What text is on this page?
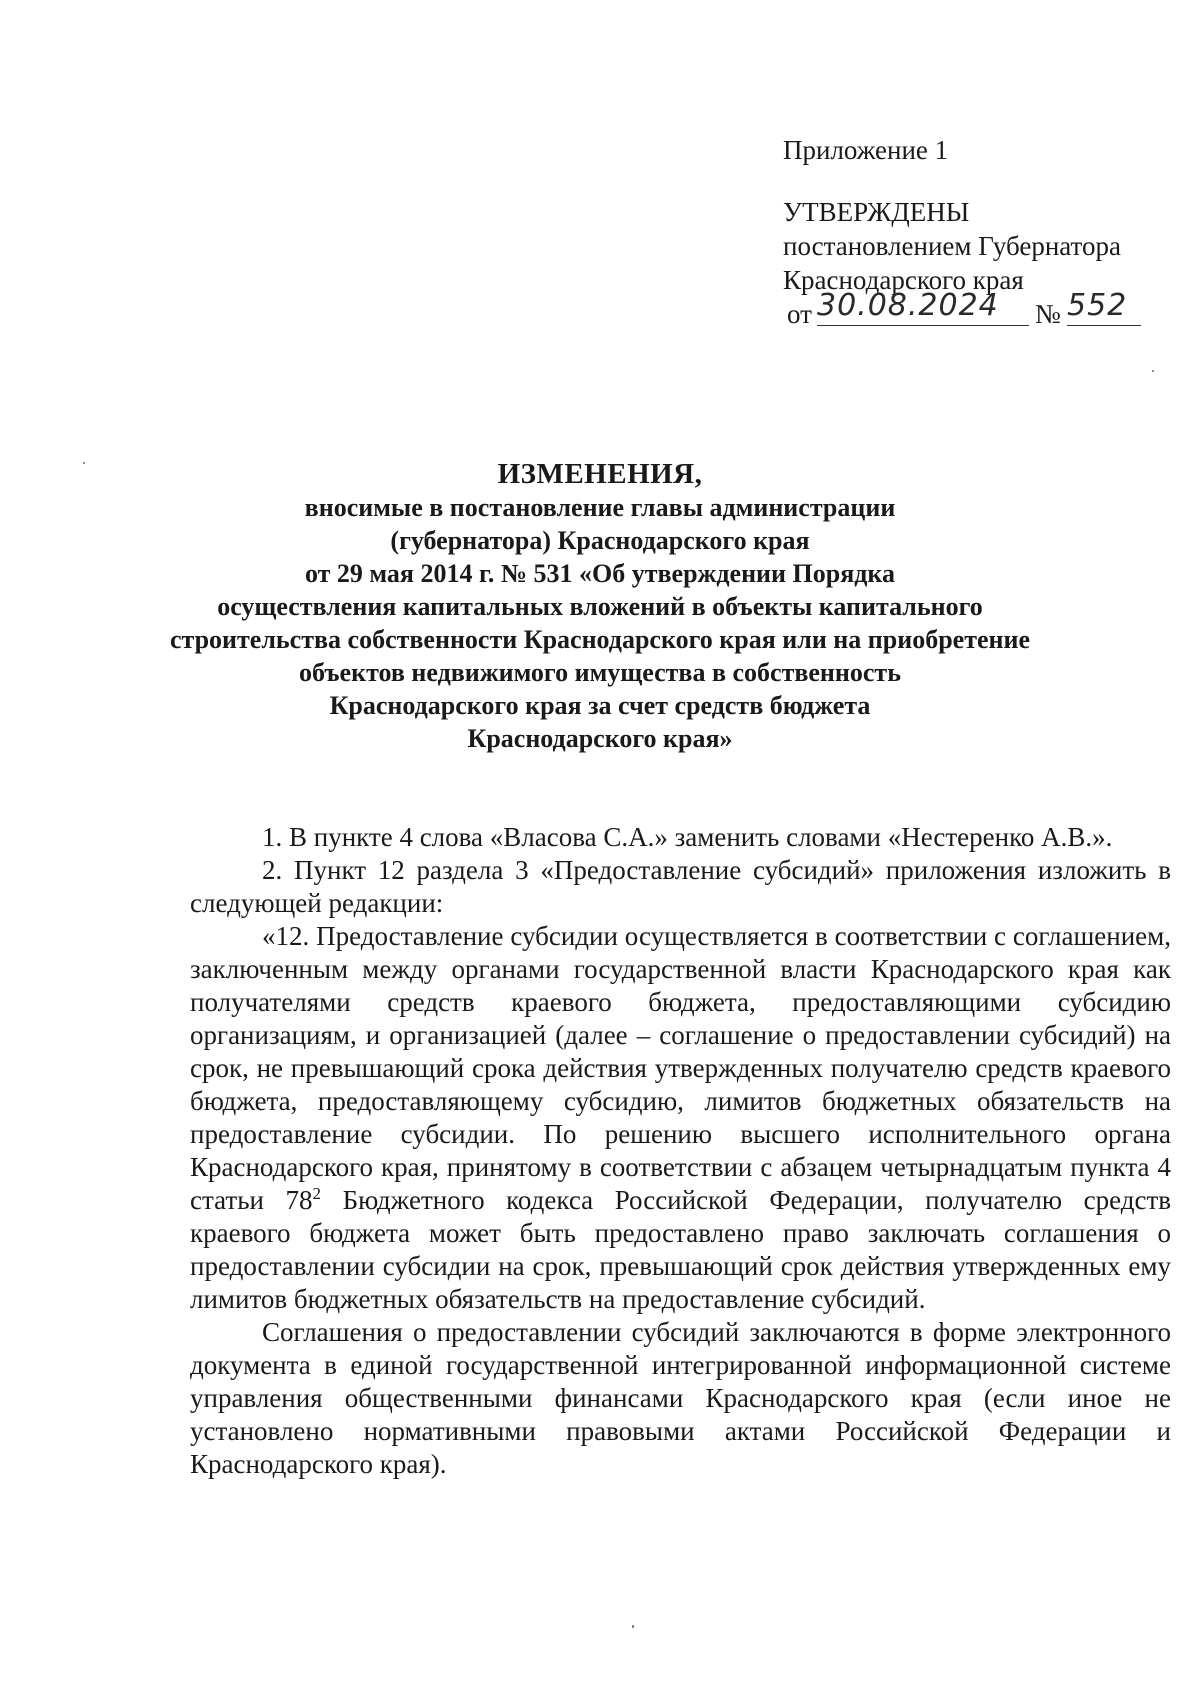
Приложение 1
УТВЕРЖДЕНЫ
постановлением Губернатора
Краснодарского края
от 30.08.2024 № 552
ИЗМЕНЕНИЯ,
вносимые в постановление главы администрации
(губернатора) Краснодарского края
от 29 мая 2014 г. № 531 «Об утверждении Порядка
осуществления капитальных вложений в объекты капитального
строительства собственности Краснодарского края или на приобретение
объектов недвижимого имущества в собственность
Краснодарского края за счет средств бюджета
Краснодарского края»

1. В пункте 4 слова «Власова С.А.» заменить словами «Нестеренко А.В.».

2. Пункт 12 раздела 3 «Предоставление субсидий» приложения изложить в следующей редакции:

«12. Предоставление субсидии осуществляется в соответствии с соглашением, заключенным между органами государственной власти Краснодарского края как получателями средств краевого бюджета, предоставляющими субсидию организациям, и организацией (далее – соглашение о предоставлении субсидий) на срок, не превышающий срока действия утвержденных получателю средств краевого бюджета, предоставляющему субсидию, лимитов бюджетных обязательств на предоставление субсидии. По решению высшего исполнительного органа Краснодарского края, принятому в соответствии с абзацем четырнадцатым пункта 4 статьи $78^2$ Бюджетного кодекса Российской Федерации, получателю средств краевого бюджета может быть предоставлено право заключать соглашения о предоставлении субсидии на срок, превышающий срок действия утвержденных ему лимитов бюджетных обязательств на предоставление субсидий.

Соглашения о предоставлении субсидий заключаются в форме электронного документа в единой государственной интегрированной информационной системе управления общественными финансами Краснодарского края (если иное не установлено нормативными правовыми актами Российской Федерации и Краснодарского края).
